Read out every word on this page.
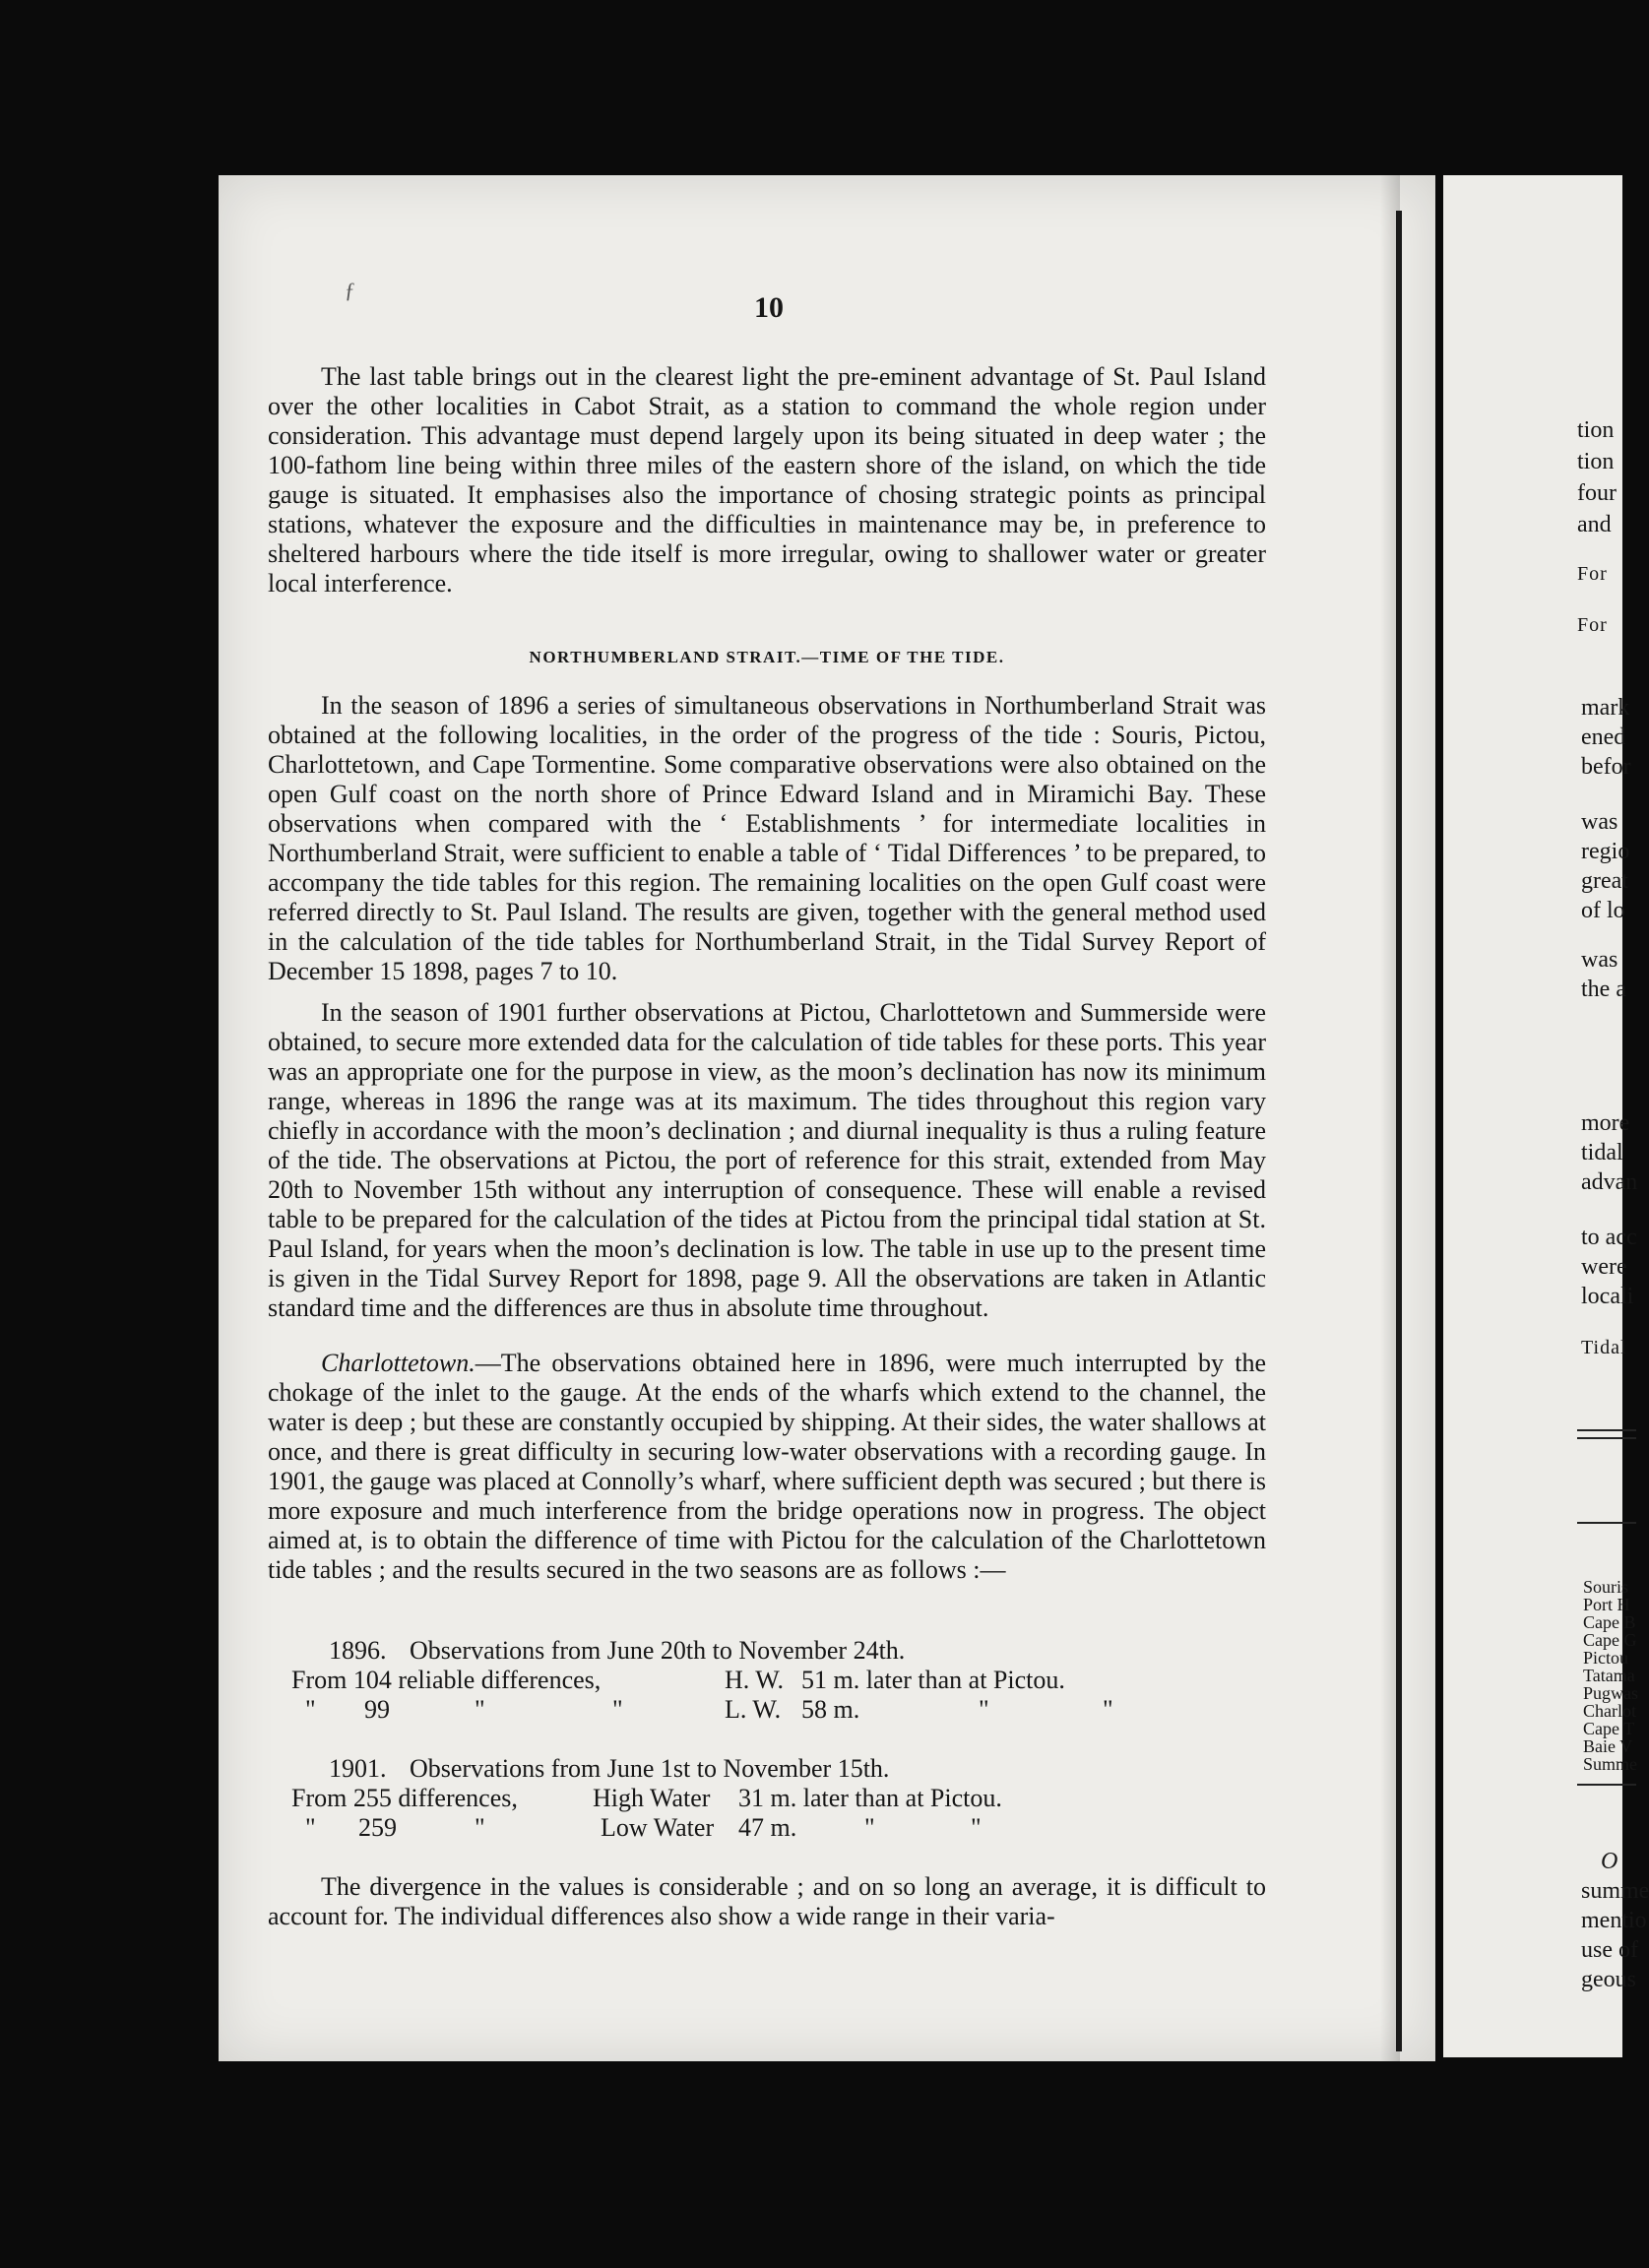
ƒ
10

The last table brings out in the clearest light the pre-eminent advantage of St. Paul Island over the other localities in Cabot Strait, as a station to command the whole region under consideration. This advantage must depend largely upon its being situated in deep water ; the 100-fathom line being within three miles of the eastern shore of the island, on which the tide gauge is situated. It emphasises also the importance of chosing strategic points as principal stations, whatever the exposure and the difficulties in maintenance may be, in preference to sheltered harbours where the tide itself is more irregular, owing to shallower water or greater local interference.

NORTHUMBERLAND STRAIT.—TIME OF THE TIDE.

In the season of 1896 a series of simultaneous observations in Northumberland Strait was obtained at the following localities, in the order of the progress of the tide : Souris, Pictou, Charlottetown, and Cape Tormentine. Some comparative observations were also obtained on the open Gulf coast on the north shore of Prince Edward Island and in Miramichi Bay. These observations when compared with the ‘ Establishments ’ for intermediate localities in Northumberland Strait, were sufficient to enable a table of ‘ Tidal Differences ’ to be prepared, to accompany the tide tables for this region. The remaining localities on the open Gulf coast were referred directly to St. Paul Island. The results are given, together with the general method used in the calculation of the tide tables for Northumberland Strait, in the Tidal Survey Report of December 15 1898, pages 7 to 10.

In the season of 1901 further observations at Pictou, Charlottetown and Summerside were obtained, to secure more extended data for the calculation of tide tables for these ports. This year was an appropriate one for the purpose in view, as the moon’s declination has now its minimum range, whereas in 1896 the range was at its maximum. The tides throughout this region vary chiefly in accordance with the moon’s declination ; and diurnal inequality is thus a ruling feature of the tide. The observations at Pictou, the port of reference for this strait, extended from May 20th to November 15th without any interruption of consequence. These will enable a revised table to be prepared for the calculation of the tides at Pictou from the principal tidal station at St. Paul Island, for years when the moon’s declination is low. The table in use up to the present time is given in the Tidal Survey Report for 1898, page 9. All the observations are taken in Atlantic standard time and the differences are thus in absolute time throughout.

Charlottetown.—The observations obtained here in 1896, were much interrupted by the chokage of the inlet to the gauge. At the ends of the wharfs which extend to the channel, the water is deep ; but these are constantly occupied by shipping. At their sides, the water shallows at once, and there is great difficulty in securing low-water observations with a recording gauge. In 1901, the gauge was placed at Connolly’s wharf, where sufficient depth was secured ; but there is more exposure and much interference from the bridge operations now in progress. The object aimed at, is to obtain the difference of time with Pictou for the calculation of the Charlottetown tide tables ; and the results secured in the two seasons are as follows :—

1896. Observations from June 20th to November 24th.
From 104 reliable differences,	H. W. 51 m. later than at Pictou.
" 99	"	"	L. W. 58 m.	"	"
1901. Observations from June 1st to November 15th.
From 255 differences,	High Water 31 m. later than at Pictou.
" 259	"	Low Water 47 m.	"	"

The divergence in the values is considerable ; and on so long an average, it is difficult to account for. The individual differences also show a wide range in their varia-

tion
tion
four
and
For
For
mark
ened
befor
was
regio
great
of lo
was
the a
more
tidal
advan
to acc
were
locali
Tidal
Souris
Port H
Cape B
Cape G
Pictou
Tatama
Pugwas
Charlot
Cape T
Baie V
Summe
O
summe
mentio
use of
geous
